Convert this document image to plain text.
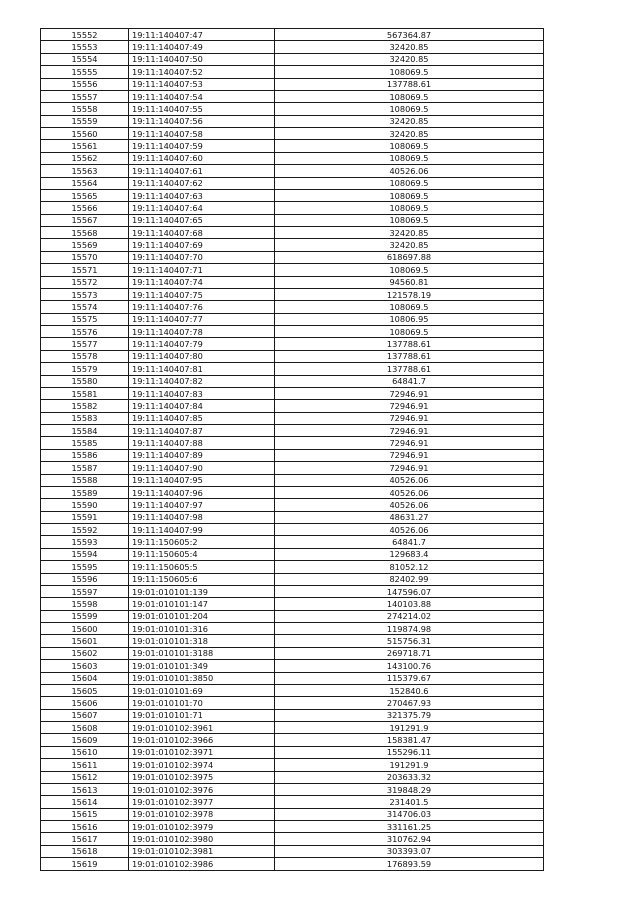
15552	19:11:140407:47	567364.87
15553	19:11:140407:49	32420.85
15554	19:11:140407:50	32420.85
15555	19:11:140407:52	108069.5
15556	19:11:140407:53	137788.61
15557	19:11:140407:54	108069.5
15558	19:11:140407:55	108069.5
15559	19:11:140407:56	32420.85
15560	19:11:140407:58	32420.85
15561	19:11:140407:59	108069.5
15562	19:11:140407:60	108069.5
15563	19:11:140407:61	40526.06
15564	19:11:140407:62	108069.5
15565	19:11:140407:63	108069.5
15566	19:11:140407:64	108069.5
15567	19:11:140407:65	108069.5
15568	19:11:140407:68	32420.85
15569	19:11:140407:69	32420.85
15570	19:11:140407:70	618697.88
15571	19:11:140407:71	108069.5
15572	19:11:140407:74	94560.81
15573	19:11:140407:75	121578.19
15574	19:11:140407:76	108069.5
15575	19:11:140407:77	10806.95
15576	19:11:140407:78	108069.5
15577	19:11:140407:79	137788.61
15578	19:11:140407:80	137788.61
15579	19:11:140407:81	137788.61
15580	19:11:140407:82	64841.7
15581	19:11:140407:83	72946.91
15582	19:11:140407:84	72946.91
15583	19:11:140407:85	72946.91
15584	19:11:140407:87	72946.91
15585	19:11:140407:88	72946.91
15586	19:11:140407:89	72946.91
15587	19:11:140407:90	72946.91
15588	19:11:140407:95	40526.06
15589	19:11:140407:96	40526.06
15590	19:11:140407:97	40526.06
15591	19:11:140407:98	48631.27
15592	19:11:140407:99	40526.06
15593	19:11:150605:2	64841.7
15594	19:11:150605:4	129683.4
15595	19:11:150605:5	81052.12
15596	19:11:150605:6	82402.99
15597	19:01:010101:139	147596.07
15598	19:01:010101:147	140103.88
15599	19:01:010101:204	274214.02
15600	19:01:010101:316	119874.98
15601	19:01:010101:318	515756.31
15602	19:01:010101:3188	269718.71
15603	19:01:010101:349	143100.76
15604	19:01:010101:3850	115379.67
15605	19:01:010101:69	152840.6
15606	19:01:010101:70	270467.93
15607	19:01:010101:71	321375.79
15608	19:01:010102:3961	191291.9
15609	19:01:010102:3966	158381.47
15610	19:01:010102:3971	155296.11
15611	19:01:010102:3974	191291.9
15612	19:01:010102:3975	203633.32
15613	19:01:010102:3976	319848.29
15614	19:01:010102:3977	231401.5
15615	19:01:010102:3978	314706.03
15616	19:01:010102:3979	331161.25
15617	19:01:010102:3980	310762.94
15618	19:01:010102:3981	303393.07
15619	19:01:010102:3986	176893.59
